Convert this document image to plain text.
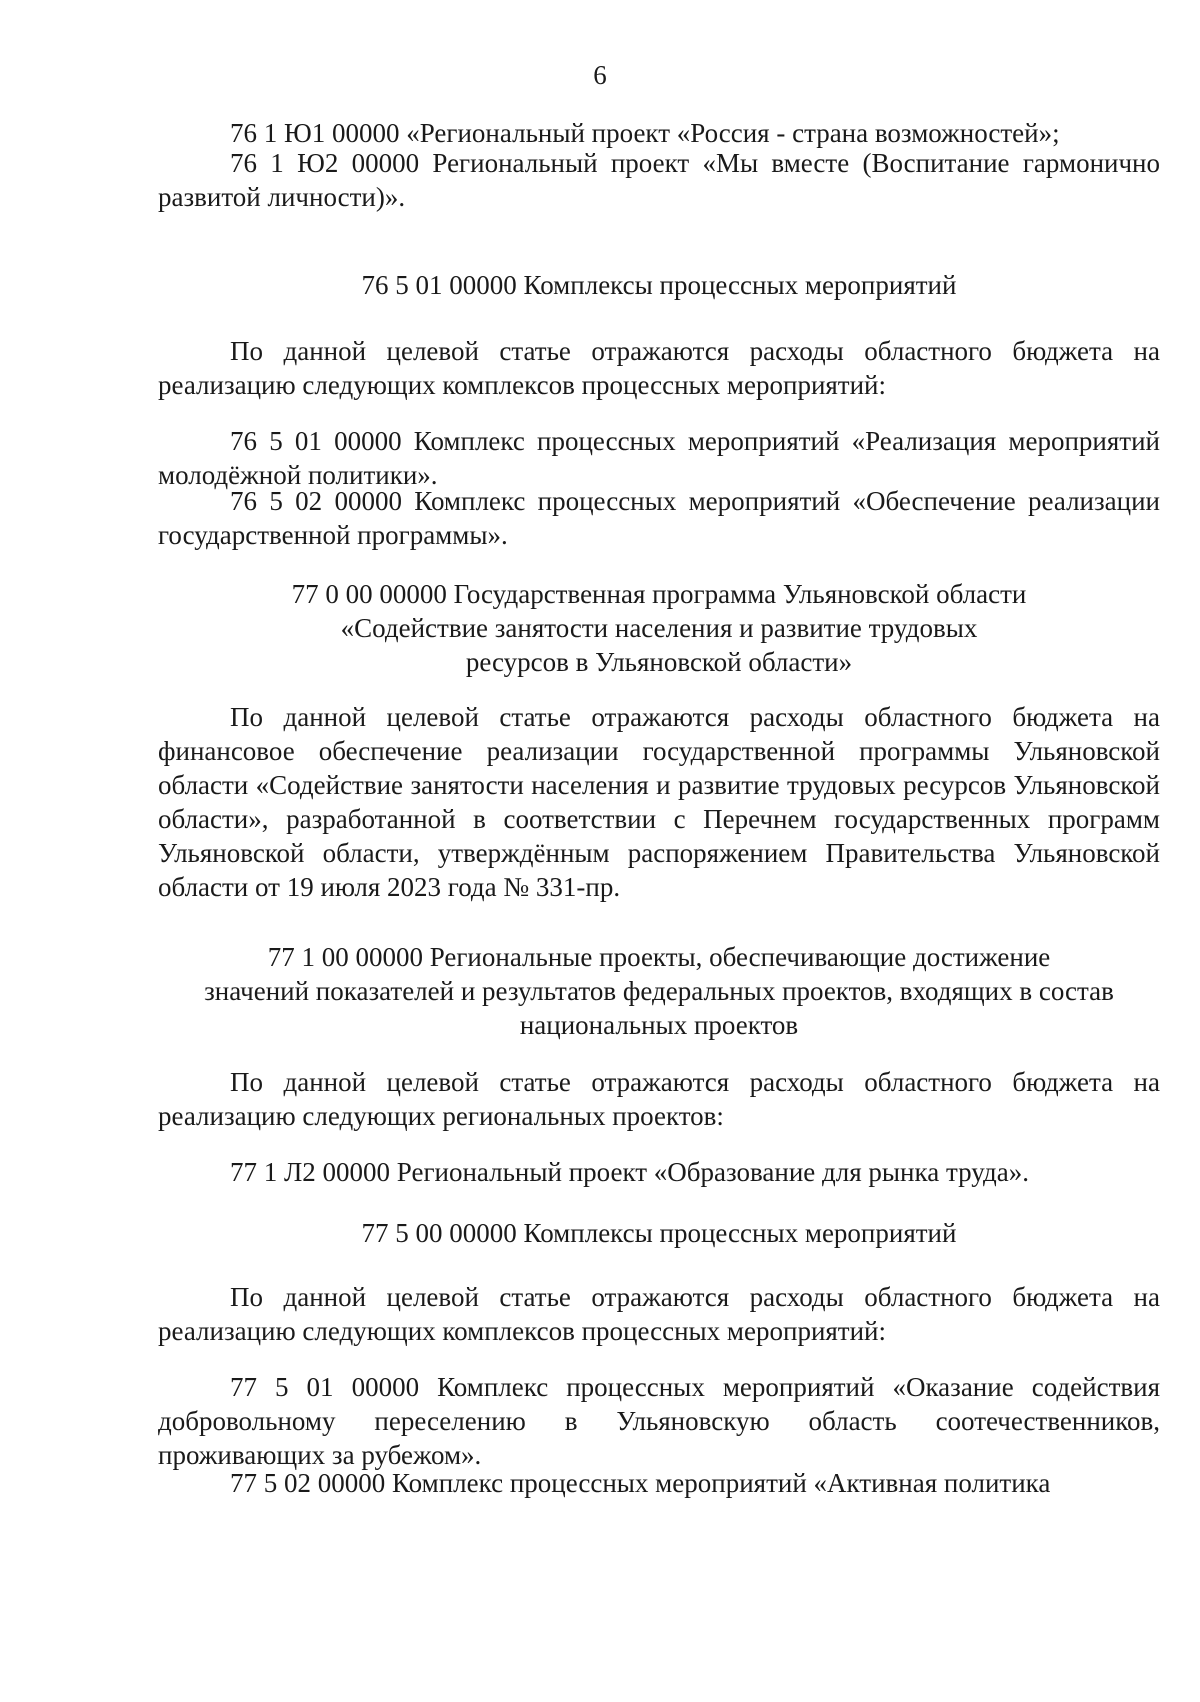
6

76 1 Ю1 00000 «Региональный проект «Россия - страна возможностей»;

76 1 Ю2 00000 Региональный проект «Мы вместе (Воспитание гармонично развитой личности)».

76 5 01 00000 Комплексы процессных мероприятий

По данной целевой статье отражаются расходы областного бюджета на реализацию следующих комплексов процессных мероприятий:

76 5 01 00000 Комплекс процессных мероприятий «Реализация мероприятий молодёжной политики».

76 5 02 00000 Комплекс процессных мероприятий «Обеспечение реализации государственной программы».

77 0 00 00000 Государственная программа Ульяновской области
«Содействие занятости населения и развитие трудовых
ресурсов в Ульяновской области»

По данной целевой статье отражаются расходы областного бюджета на финансовое обеспечение реализации государственной программы Ульяновской области «Содействие занятости населения и развитие трудовых ресурсов Ульяновской области», разработанной в соответствии с Перечнем государственных программ Ульяновской области, утверждённым распоряжением Правительства Ульяновской области от 19 июля 2023 года № 331-пр.

77 1 00 00000 Региональные проекты, обеспечивающие достижение
значений показателей и результатов федеральных проектов, входящих в состав
национальных проектов

По данной целевой статье отражаются расходы областного бюджета на реализацию следующих региональных проектов:

77 1 Л2 00000 Региональный проект «Образование для рынка труда».

77 5 00 00000 Комплексы процессных мероприятий

По данной целевой статье отражаются расходы областного бюджета на реализацию следующих комплексов процессных мероприятий:

77 5 01 00000 Комплекс процессных мероприятий «Оказание содействия добровольному переселению в Ульяновскую область соотечественников, проживающих за рубежом».

77 5 02 00000 Комплекс процессных мероприятий «Активная политика
